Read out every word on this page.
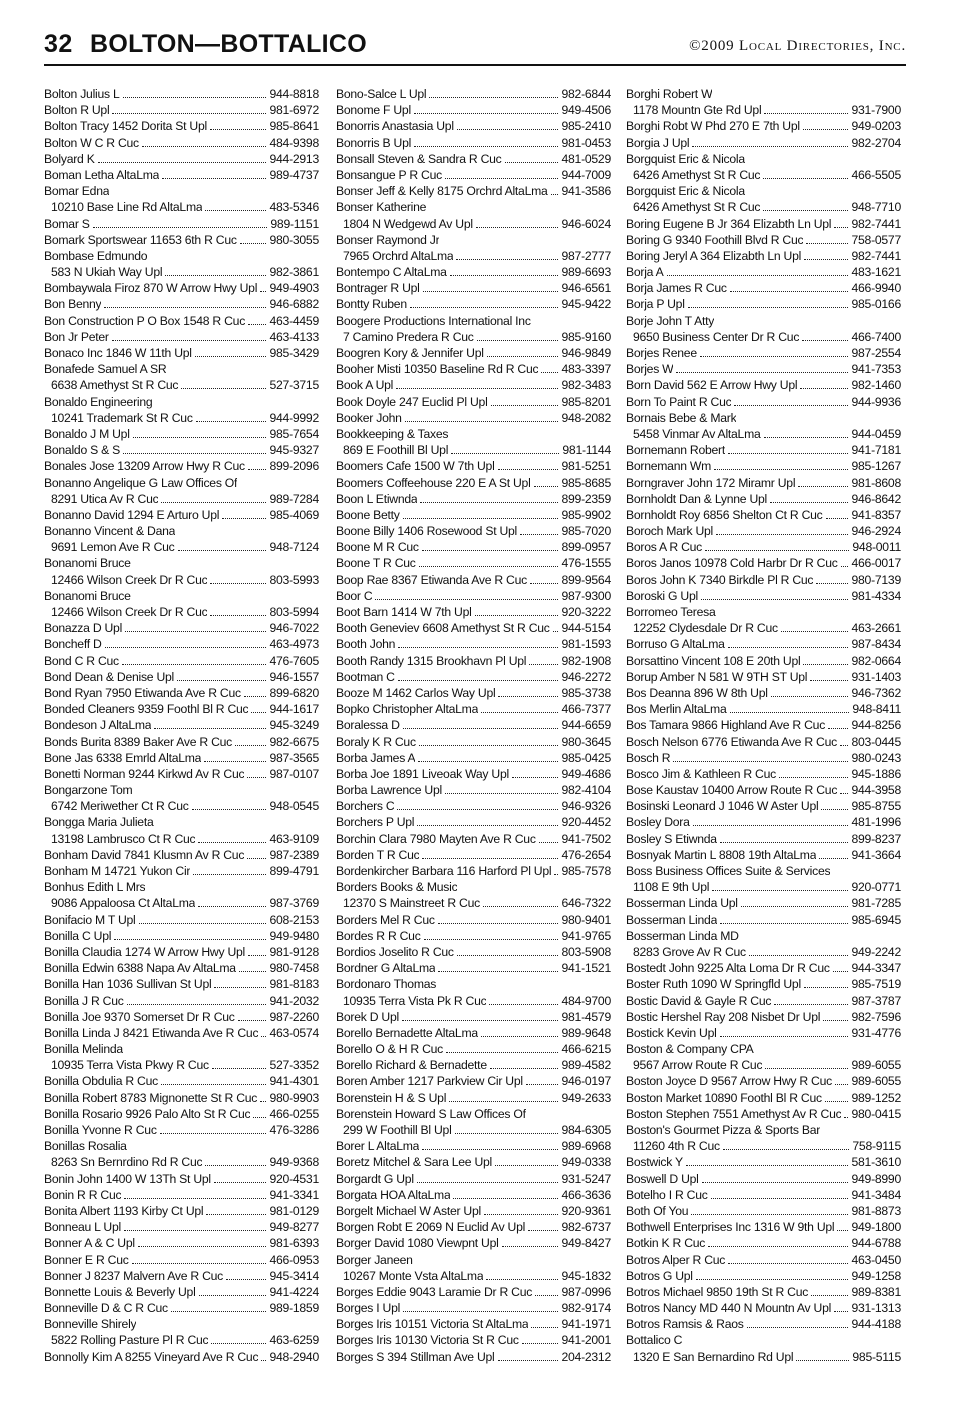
32 BOLTON—BOTTALICO	©2009 Local Directories, Inc.
Bolton Julius L	944-8818
Bolton R Upl	981-6972
Bolton Tracy 1452 Dorita St Upl	985-8641
Bolton W C R Cuc	484-9398
Bolyard K	944-2913
Boman Letha AltaLma	989-4737
Bomar Edna
10210 Base Line Rd AltaLma	483-5346
Bomar S	989-1151
Bomark Sportswear 11653 6th R Cuc	980-3055
Bombase Edmundo
583 N Ukiah Way Upl	982-3861
Bombaywala Firoz 870 W Arrow Hwy Upl 949-4903
Bon Benny	946-6882
Bon Construction P O Box 1548 R Cuc 463-4459
Bon Jr Peter	463-4133
Bonaco Inc 1846 W 11th Upl	985-3429
Bonafede Samuel A SR
6638 Amethyst St R Cuc	527-3715
Bonaldo Engineering
10241 Trademark St R Cuc	944-9992
Bonaldo J M Upl	985-7654
Bonaldo S & S	945-9327
Bonales Jose 13209 Arrow Hwy R Cuc 899-2096
Bonanno Angelique G Law Offices Of
8291 Utica Av R Cuc	989-7284
Bonanno David 1294 E Arturo Upl	985-4069
Bonanno Vincent & Dana
9691 Lemon Ave R Cuc	948-7124
Bonanomi Bruce
12466 Wilson Creek Dr R Cuc	803-5993
Bonanomi Bruce
12466 Wilson Creek Dr R Cuc	803-5994
Bonazza D Upl	946-7022
Boncheff D	463-4973
Bond C R Cuc	476-7605
Bond Dean & Denise Upl	946-1557
Bond Ryan 7950 Etiwanda Ave R Cuc 899-6820
Bonded Cleaners 9359 Foothl Bl R Cuc 944-1617
Bondeson J AltaLma	945-3249
Bonds Burita 8389 Baker Ave R Cuc	982-6675
Bone Jas 6338 Emrld AltaLma	987-3565
Bonetti Norman 9244 Kirkwd Av R Cuc 987-0107
Bongarzone Tom
6742 Meriwether Ct R Cuc	948-0545
Bongga Maria Julieta
13198 Lambrusco Ct R Cuc	463-9109
Bonham David 7841 Klusmn Av R Cuc 987-2389
Bonham M 14721 Yukon Cir	899-4791
Bonhus Edith L Mrs
9086 Appaloosa Ct AltaLma	987-3769
Bonifacio M T Upl	608-2153
Bonilla C Upl	949-9480
Bonilla Claudia 1274 W Arrow Hwy Upl 981-9128
Bonilla Edwin 6388 Napa Av AltaLma	980-7458
Bonilla Han 1036 Sullivan St Upl	981-8183
Bonilla J R Cuc	941-2032
Bonilla Joe 9370 Somerset Dr R Cuc	987-2260
Bonilla Linda J 8421 Etiwanda Ave R Cuc 463-0574
Bonilla Melinda
10935 Terra Vista Pkwy R Cuc	527-3352
Bonilla Obdulia R Cuc	941-4301
Bonilla Robert 8783 Mignonette St R Cuc 980-9903
Bonilla Rosario 9926 Palo Alto St R Cuc 466-0255
Bonilla Yvonne R Cuc	476-3286
Bonillas Rosalia
8263 Sn Bernrdino Rd R Cuc	949-9368
Bonin John 1400 W 13Th St Upl	920-4531
Bonin R R Cuc	941-3341
Bonita Albert 1193 Kirby Ct Upl	981-0129
Bonneau L Upl	949-8277
Bonner A & C Upl	981-6393
Bonner E R Cuc	466-0953
Bonner J 8237 Malvern Ave R Cuc	945-3414
Bonnette Louis & Beverly Upl	941-4224
Bonneville D & C R Cuc	989-1859
Bonneville Shirely
5822 Rolling Pasture Pl R Cuc	463-6259
Bonnolly Kim A 8255 Vineyard Ave R Cuc 948-2940
Bono-Salce L Upl	982-6844
Bonome F Upl	949-4506
Bonorris Anastasia Upl	985-2410
Bonorris B Upl	981-0453
Bonsall Steven & Sandra R Cuc	481-0529
Bonsangue P R Cuc	944-7009
Bonser Jeff & Kelly 8175 Orchrd AltaLma 941-3586
Bonser Katherine
1804 N Wedgewd Av Upl	946-6024
Bonser Raymond Jr
7965 Orchrd AltaLma	987-2777
Bontempo C AltaLma	989-6693
Bontrager R Upl	946-6561
Bontty Ruben	945-9422
Boogere Productions International Inc
7 Camino Predera R Cuc	985-9160
Boogren Kory & Jennifer Upl	946-9849
Booher Misti 10350 Baseline Rd R Cuc 483-3397
Book A Upl	982-3483
Book Doyle 247 Euclid Pl Upl	985-8201
Booker John	948-2082
Bookkeeping & Taxes
869 E Foothill Bl Upl	981-1144
Boomers Cafe 1500 W 7th Upl	981-5251
Boomers Coffeehouse 220 E A St Upl	985-8685
Boon L Etiwnda	899-2359
Boone Betty	985-9902
Boone Billy 1406 Rosewood St Upl	985-7020
Boone M R Cuc	899-0957
Boone T R Cuc	476-1555
Boop Rae 8367 Etiwanda Ave R Cuc	899-9564
Boor C	987-9300
Boot Barn 1414 W 7th Upl	920-3222
Booth Geneviev 6608 Amethyst St R Cuc 944-5154
Booth John	981-1593
Booth Randy 1315 Brookhavn Pl Upl	982-1908
Bootman C	946-2272
Booze M 1462 Carlos Way Upl	985-3738
Bopko Christopher AltaLma	466-7377
Boralessa D	944-6659
Boraly K R Cuc	980-3645
Borba James A	985-0425
Borba Joe 1891 Liveoak Way Upl	949-4686
Borba Lawrence Upl	982-4104
Borchers C	946-9326
Borchers P Upl	920-4452
Borchin Clara 7980 Mayten Ave R Cuc 941-7502
Borden T R Cuc	476-2654
Bordenkircher Barbara 116 Harford Pl Upl 985-7578
Borders Books & Music
12370 S Mainstreet R Cuc	646-7322
Borders Mel R Cuc	980-9401
Bordes R R Cuc	941-9765
Bordios Joselito R Cuc	803-5908
Bordner G AltaLma	941-1521
Bordonaro Thomas
10935 Terra Vista Pk R Cuc	484-9700
Borek D Upl	981-4579
Borello Bernadette AltaLma	989-9648
Borello O & H R Cuc	466-6215
Borello Richard & Bernadette	989-4582
Boren Amber 1217 Parkview Cir Upl	946-0197
Borenstein H & S Upl	949-2633
Borenstein Howard S Law Offices Of
299 W Foothill Bl Upl	984-6305
Borer L AltaLma	989-6968
Boretz Mitchel & Sara Lee Upl	949-0338
Borgardt G Upl	931-5247
Borgata HOA AltaLma	466-3636
Borgelt Michael W Aster Upl	920-9361
Borgen Robt E 2069 N Euclid Av Upl	982-6737
Borger David 1080 Viewpnt Upl	949-8427
Borger Janeen
10267 Monte Vsta AltaLma	945-1832
Borges Eddie 9043 Laramie Dr R Cuc 987-0996
Borges I Upl	982-9174
Borges Iris 10151 Victoria St AltaLma	941-1971
Borges Iris 10130 Victoria St R Cuc	941-2001
Borges S 394 Stillman Ave Upl	204-2312
Borghi Robert W
1178 Mountn Gte Rd Upl	931-7900
Borghi Robt W Phd 270 E 7th Upl	949-0203
Borgia J Upl	982-2704
Borgquist Eric & Nicola
6426 Amethyst St R Cuc	466-5505
Borgquist Eric & Nicola
6426 Amethyst St R Cuc	948-7710
Boring Eugene B Jr 364 Elizabth Ln Upl 982-7441
Boring G 9340 Foothill Blvd R Cuc	758-0577
Boring Jeryl A 364 Elizabth Ln Upl	982-7441
Borja A	483-1621
Borja James R Cuc	466-9940
Borja P Upl	985-0166
Borje John T Atty
9650 Business Center Dr R Cuc	466-7400
Borjes Renee	987-2554
Borjes W	941-7353
Born David 562 E Arrow Hwy Upl	982-1460
Born To Paint R Cuc	944-9936
Bornais Bebe & Mark
5458 Vinmar Av AltaLma	944-0459
Bornemann Robert	941-7181
Bornemann Wm	985-1267
Borngraver John 172 Miramr Upl	981-8608
Bornholdt Dan & Lynne Upl	946-8642
Bornholdt Roy 6856 Shelton Ct R Cuc 941-8357
Boroch Mark Upl	946-2924
Boros A R Cuc	948-0011
Boros Janos 10978 Cold Harbr Dr R Cuc 466-0017
Boros John K 7340 Birkdle Pl R Cuc	980-7139
Boroski G Upl	981-4334
Borromeo Teresa
12252 Clydesdale Dr R Cuc	463-2661
Borruso G AltaLma	987-8434
Borsattino Vincent 108 E 20th Upl	982-0664
Borup Amber N 581 W 9TH ST Upl	931-1403
Bos Deanna 896 W 8th Upl	946-7362
Bos Merlin AltaLma	948-8411
Bos Tamara 9866 Highland Ave R Cuc 944-8256
Bosch Nelson 6776 Etiwanda Ave R Cuc 803-0445
Bosch R	980-0243
Bosco Jim & Kathleen R Cuc	945-1886
Bose Kaustav 10400 Arrow Route R Cuc 944-3958
Bosinski Leonard J 1046 W Aster Upl	985-8755
Bosley Dora	481-1996
Bosley S Etiwnda	899-8237
Bosnyak Martin L 8808 19th AltaLma	941-3664
Boss Business Offices Suite & Services
1108 E 9th Upl	920-0771
Bosserman Linda Upl	981-7285
Bosserman Linda	985-6945
Bosserman Linda MD
8283 Grove Av R Cuc	949-2242
Bostedt John 9225 Alta Loma Dr R Cuc 944-3347
Boster Ruth 1090 W Springfld Upl	985-7519
Bostic David & Gayle R Cuc	987-3787
Bostic Hershel Ray 208 Nisbet Dr Upl	982-7596
Bostick Kevin Upl	931-4776
Boston & Company CPA
9567 Arrow Route R Cuc	989-6055
Boston Joyce D 9567 Arrow Hwy R Cuc 989-6055
Boston Market 10890 Foothl Bl R Cuc 989-1252
Boston Stephen 7551 Amethyst Av R Cuc 980-0415
Boston's Gourmet Pizza & Sports Bar
11260 4th R Cuc	758-9115
Bostwick Y	581-3610
Boswell D Upl	949-8990
Botelho I R Cuc	941-3484
Both Of You	981-8873
Bothwell Enterprises Inc 1316 W 9th Upl 949-1800
Botkin K R Cuc	944-6788
Botros Alper R Cuc	463-0450
Botros G Upl	949-1258
Botros Michael 9850 19th St R Cuc	989-8381
Botros Nancy MD 440 N Mountn Av Upl 931-1313
Botros Ramsis & Raos	944-4188
Bottalico C
1320 E San Bernardino Rd Upl	985-5115
